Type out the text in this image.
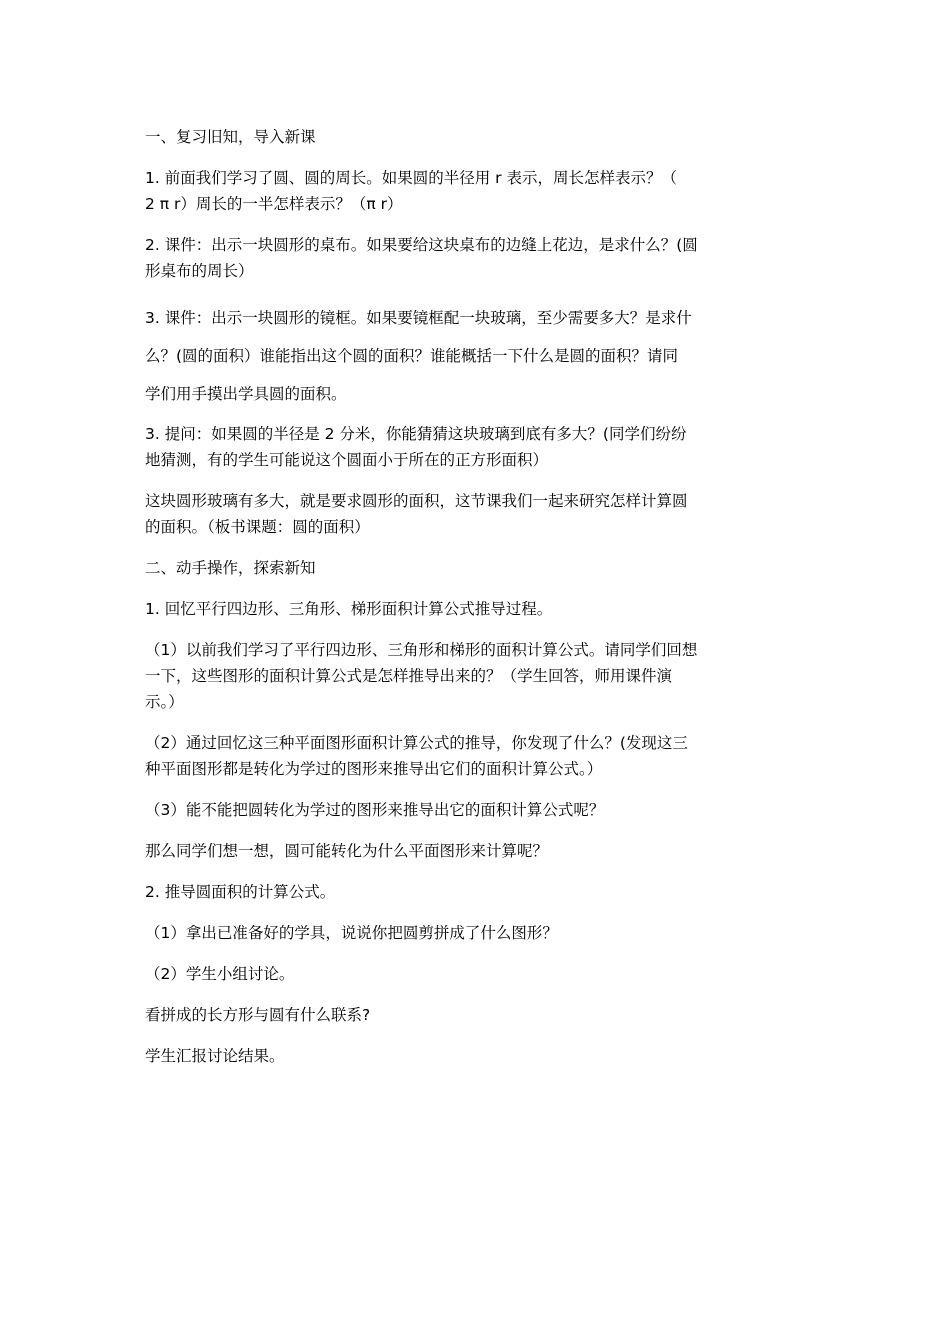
一、复习旧知，导入新课

1. 前面我们学习了圆、圆的周长。如果圆的半径用 r 表示，周长怎样表示？（
2 π r）周长的一半怎样表示？（π r）

2. 课件：出示一块圆形的桌布。如果要给这块桌布的边缝上花边，是求什么？(圆
形桌布的周长）

3. 课件：出示一块圆形的镜框。如果要镜框配一块玻璃，至少需要多大？是求什
么？(圆的面积）谁能指出这个圆的面积？谁能概括一下什么是圆的面积？请同
学们用手摸出学具圆的面积。

3. 提问：如果圆的半径是 2 分米，你能猜猜这块玻璃到底有多大？(同学们纷纷
地猜测，有的学生可能说这个圆面小于所在的正方形面积）

这块圆形玻璃有多大，就是要求圆形的面积，这节课我们一起来研究怎样计算圆
的面积。（板书课题：圆的面积）

二、动手操作，探索新知

1. 回忆平行四边形、三角形、梯形面积计算公式推导过程。

（1）以前我们学习了平行四边形、三角形和梯形的面积计算公式。请同学们回想
一下，这些图形的面积计算公式是怎样推导出来的？（学生回答，师用课件演
示。）

（2）通过回忆这三种平面图形面积计算公式的推导，你发现了什么？(发现这三
种平面图形都是转化为学过的图形来推导出它们的面积计算公式。）

（3）能不能把圆转化为学过的图形来推导出它的面积计算公式呢？

那么同学们想一想，圆可能转化为什么平面图形来计算呢？

2. 推导圆面积的计算公式。

（1）拿出已准备好的学具，说说你把圆剪拼成了什么图形？

（2）学生小组讨论。

看拼成的长方形与圆有什么联系?

学生汇报讨论结果。
